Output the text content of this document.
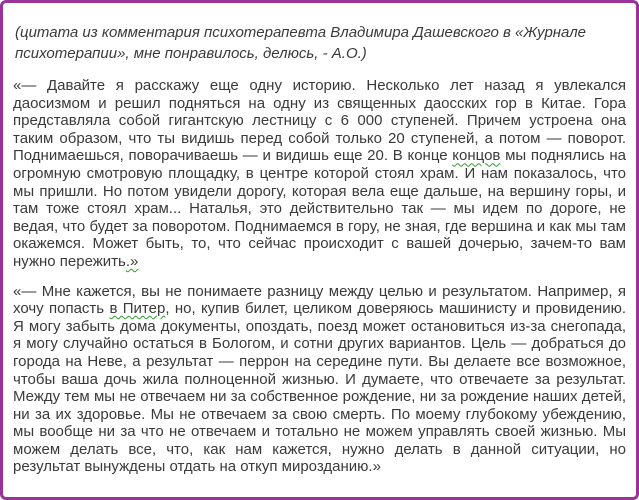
(цитата из комментария психотерапевта Владимира Дашевского в «Журнале психотерапии», мне понравилось, делюсь, - А.О.)

«— Давайте я расскажу еще одну историю. Несколько лет назад я увлекался даосизмом и решил подняться на одну из священных даосских гор в Китае. Гора представляла собой гигантскую лестницу с 6 000 ступеней. Причем устроена она таким образом, что ты видишь перед собой только 20 ступеней, а потом — поворот. Поднимаешься, поворачиваешь — и видишь еще 20. В конце концов мы поднялись на огромную смотровую площадку, в центре которой стоял храм. И нам показалось, что мы пришли. Но потом увидели дорогу, которая вела еще дальше, на вершину горы, и там тоже стоял храм... Наталья, это действительно так — мы идем по дороге, не ведая, что будет за поворотом. Поднимаемся в гору, не зная, где вершина и как мы там окажемся. Может быть, то, что сейчас происходит с вашей дочерью, зачем-то вам нужно пережить.»

«— Мне кажется, вы не понимаете разницу между целью и результатом. Например, я хочу попасть в Питер, но, купив билет, целиком доверяюсь машинисту и провидению. Я могу забыть дома документы, опоздать, поезд может остановиться из-за снегопада, я могу случайно остаться в Бологом, и сотни других вариантов. Цель — добраться до города на Неве, а результат — перрон на середине пути. Вы делаете все возможное, чтобы ваша дочь жила полноценной жизнью. И думаете, что отвечаете за результат. Между тем мы не отвечаем ни за собственное рождение, ни за рождение наших детей, ни за их здоровье. Мы не отвечаем за свою смерть. По моему глубокому убеждению, мы вообще ни за что не отвечаем и тотально не можем управлять своей жизнью. Мы можем делать все, что, как нам кажется, нужно делать в данной ситуации, но результат вынуждены отдать на откуп мирозданию.»
